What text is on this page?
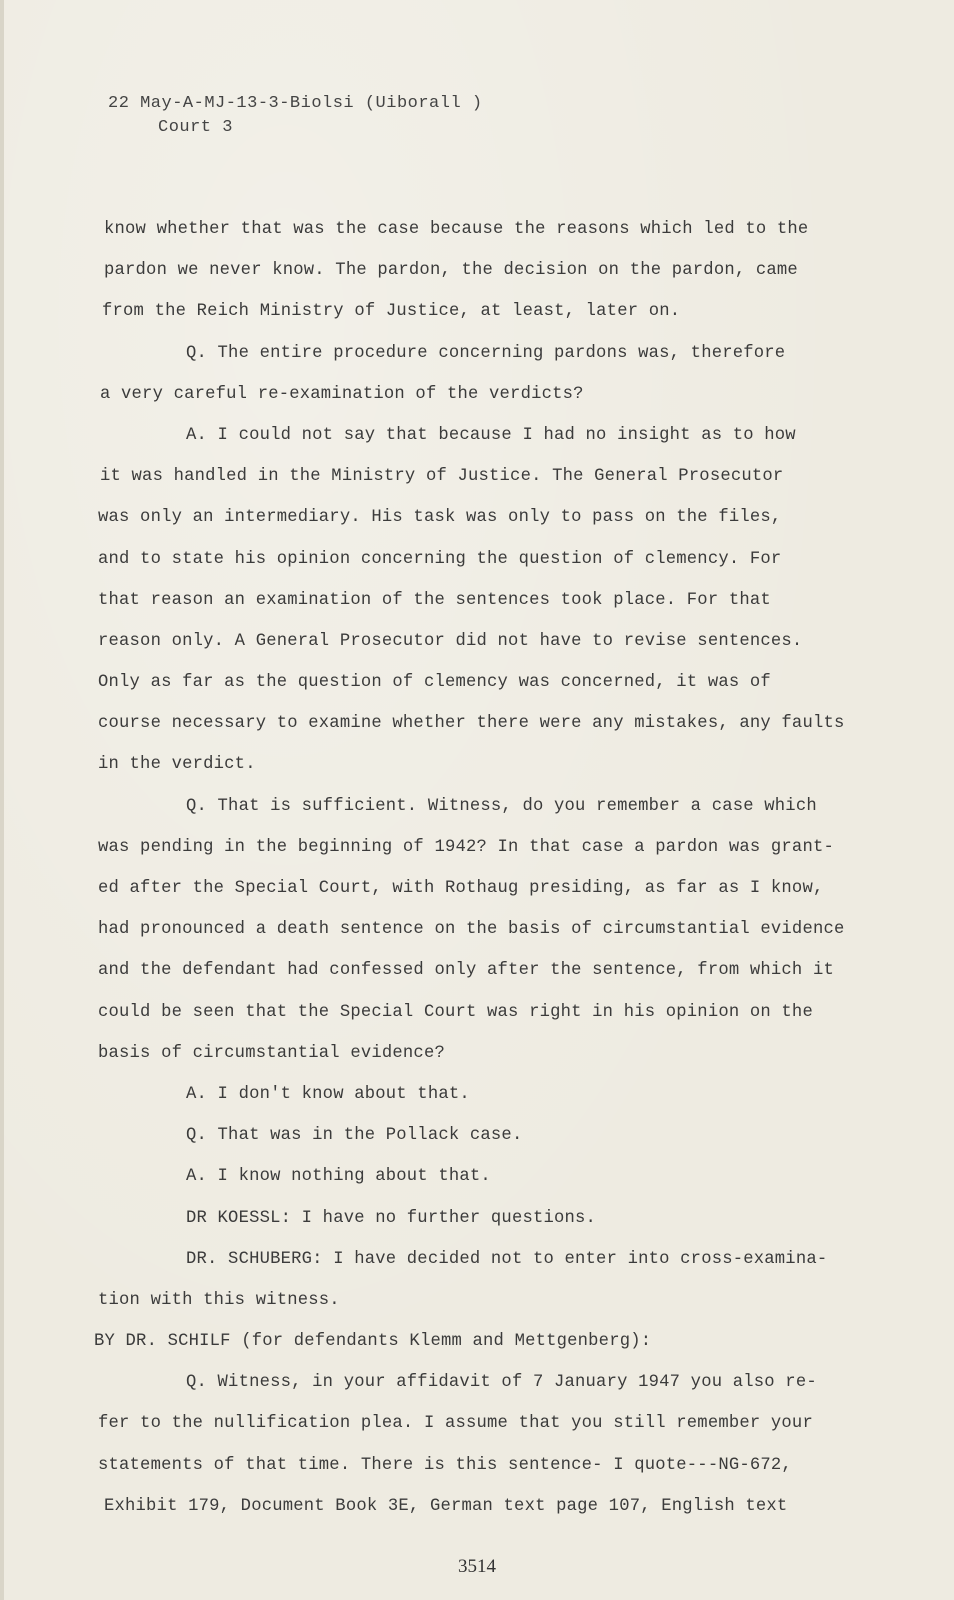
22 May-A-MJ-13-3-Biolsi (Uiborall )
Court 3
know whether that was the case because the reasons which led to the
pardon we never know. The pardon, the decision on the pardon, came
from the Reich Ministry of Justice, at least, later on.
Q. The entire procedure concerning pardons was, therefore
a very careful re-examination of the verdicts?
A. I could not say that because I had no insight as to how
it was handled in the Ministry of Justice. The General Prosecutor
was only an intermediary. His task was only to pass on the files,
and to state his opinion concerning the question of clemency. For
that reason an examination of the sentences took place. For that
reason only. A General Prosecutor did not have to revise sentences.
Only as far as the question of clemency was concerned, it was of
course necessary to examine whether there were any mistakes, any faults
in the verdict.
Q. That is sufficient. Witness, do you remember a case which
was pending in the beginning of 1942? In that case a pardon was grant-
ed after the Special Court, with Rothaug presiding, as far as I know,
had pronounced a death sentence on the basis of circumstantial evidence
and the defendant had confessed only after the sentence, from which it
could be seen that the Special Court was right in his opinion on the
basis of circumstantial evidence?
A. I don't know about that.
Q. That was in the Pollack case.
A. I know nothing about that.
DR KOESSL: I have no further questions.
DR. SCHUBERG: I have decided not to enter into cross-examina-
tion with this witness.
BY DR. SCHILF (for defendants Klemm and Mettgenberg):
Q. Witness, in your affidavit of 7 January 1947 you also re-
fer to the nullification plea. I assume that you still remember your
statements of that time. There is this sentence- I quote---NG-672,
Exhibit 179, Document Book 3E, German text page 107, English text
3514
